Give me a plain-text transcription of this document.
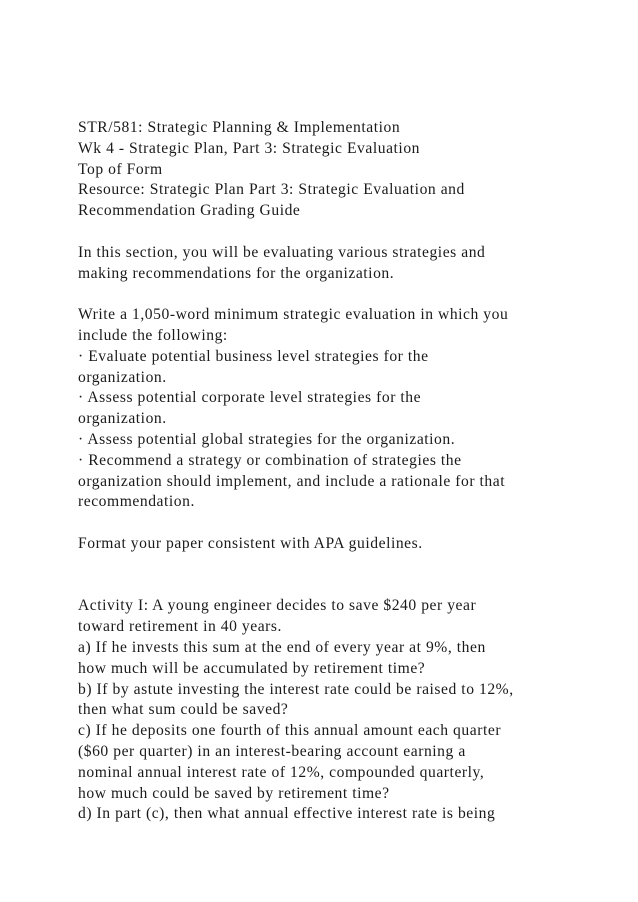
STR/581: Strategic Planning & Implementation
Wk 4 - Strategic Plan, Part 3: Strategic Evaluation
Top of Form
Resource: Strategic Plan Part 3: Strategic Evaluation and
Recommendation Grading Guide
In this section, you will be evaluating various strategies and
making recommendations for the organization.
Write a 1,050-word minimum strategic evaluation in which you
include the following:
· Evaluate potential business level strategies for the
organization.
· Assess potential corporate level strategies for the
organization.
· Assess potential global strategies for the organization.
· Recommend a strategy or combination of strategies the
organization should implement, and include a rationale for that
recommendation.
Format your paper consistent with APA guidelines.
Activity I: A young engineer decides to save $240 per year
toward retirement in 40 years.
a) If he invests this sum at the end of every year at 9%, then
how much will be accumulated by retirement time?
b) If by astute investing the interest rate could be raised to 12%,
then what sum could be saved?
c) If he deposits one fourth of this annual amount each quarter
($60 per quarter) in an interest-bearing account earning a
nominal annual interest rate of 12%, compounded quarterly,
how much could be saved by retirement time?
d) In part (c), then what annual effective interest rate is being
